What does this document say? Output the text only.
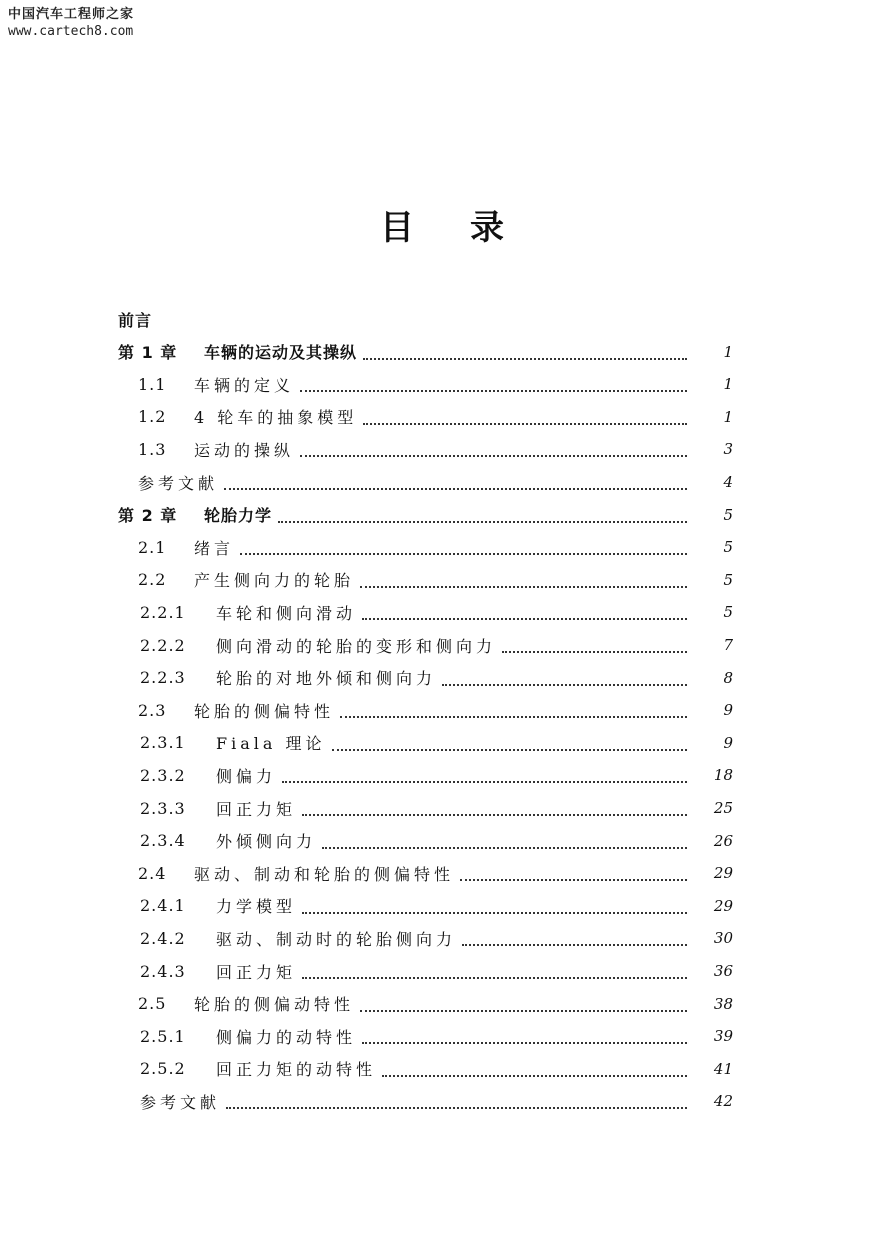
中国汽车工程师之家
www.cartech8.com
目录
前言
第 1 章	车辆的运动及其操纵	1
1.1	车辆的定义	1
1.2	4 轮车的抽象模型	1
1.3	运动的操纵	3
参考文献	4
第 2 章	轮胎力学	5
2.1	绪言	5
2.2	产生侧向力的轮胎	5
2.2.1	车轮和侧向滑动	5
2.2.2	侧向滑动的轮胎的变形和侧向力	7
2.2.3	轮胎的对地外倾和侧向力	8
2.3	轮胎的侧偏特性	9
2.3.1	Fiala 理论	9
2.3.2	侧偏力	18
2.3.3	回正力矩	25
2.3.4	外倾侧向力	26
2.4	驱动、制动和轮胎的侧偏特性	29
2.4.1	力学模型	29
2.4.2	驱动、制动时的轮胎侧向力	30
2.4.3	回正力矩	36
2.5	轮胎的侧偏动特性	38
2.5.1	侧偏力的动特性	39
2.5.2	回正力矩的动特性	41
参考文献	42
